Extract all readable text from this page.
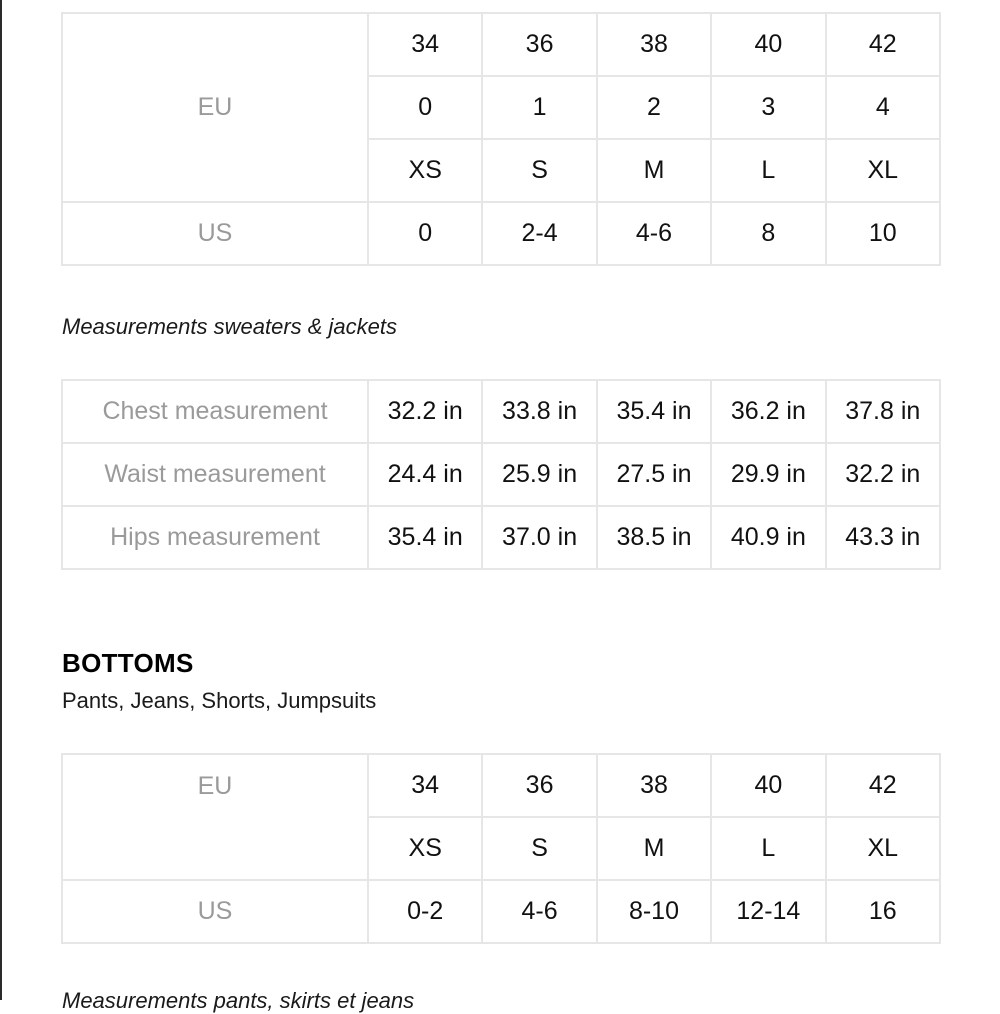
EU	34	36	38	40	42
	0	1	2	3	4
	XS	S	M	L	XL
US	0	2-4	4-6	8	10
Measurements sweaters & jackets
Chest measurement	32.2 in	33.8 in	35.4 in	36.2 in	37.8 in
Waist measurement	24.4 in	25.9 in	27.5 in	29.9 in	32.2 in
Hips measurement	35.4 in	37.0 in	38.5 in	40.9 in	43.3 in
BOTTOMS
Pants, Jeans, Shorts, Jumpsuits
EU	34	36	38	40	42
	XS	S	M	L	XL
US	0-2	4-6	8-10	12-14	16
Measurements pants, skirts et jeans
